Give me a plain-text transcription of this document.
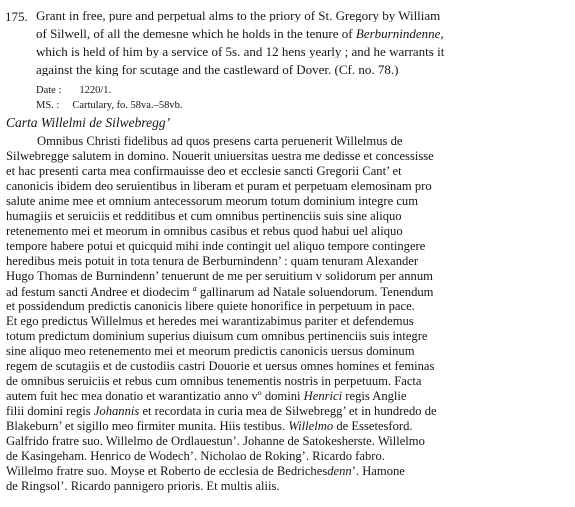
175. Grant in free, pure and perpetual alms to the priory of St. Gregory by William
of Silwell, of all the demesne which he holds in the tenure of Berburnindenne,
which is held of him by a service of 5s. and 12 hens yearly ; and he warrants it
against the king for scutage and the castleward of Dover. (Cf. no. 78.)
Date : 1220/1.
MS. : Cartulary, fo. 58va.–58vb.
Carta Willelmi de Silwebregg’
Omnibus Christi fidelibus ad quos presens carta peruenerit Willelmus de
Silwebregge salutem in domino. Nouerit uniuersitas uestra me dedisse et concessisse
et hac presenti carta mea confirmauisse deo et ecclesie sancti Gregorii Cant’ et
canonicis ibidem deo seruientibus in liberam et puram et perpetuam elemosinam pro
salute anime mee et omnium antecessorum meorum totum dominium integre cum
humagiis et seruiciis et redditibus et cum omnibus pertinenciis suis sine aliquo
retenemento mei et meorum in omnibus casibus et rebus quod habui uel aliquo
tempore habere potui et quicquid mihi inde contingit uel aliquo tempore contingere
heredibus meis potuit in tota tenura de Berburnindenn’ : quam tenuram Alexander
Hugo Thomas de Burnindenn’ tenuerunt de me per seruitium v solidorum per annum
ad festum sancti Andree et diodecim $^a$ gallinarum ad Natale soluendorum. Tenendum
et possidendum predictis canonicis libere quiete honorifice in perpetuum in pace.
Et ego predictus Willelmus et heredes mei warantizabimus pariter et defendemus
totum predictum dominium superius diuisum cum omnibus pertinenciis suis integre
sine aliquo meo retenemento mei et meorum predictis canonicis uersus dominum
regem de scutagiis et de custodiis castri Douorie et uersus omnes homines et feminas
de omnibus seruiciis et rebus cum omnibus tenementis nostris in perpetuum. Facta
autem fuit hec mea donatio et warantizatio anno vº domini Henrici regis Anglie
filii domini regis Johannis et recordata in curia mea de Silwebregg’ et in hundredo de
Blakeburn’ et sigillo meo firmiter munita. Hiis testibus. Willelmo de Essetesford.
Galfrido fratre suo. Willelmo de Ordlauestun’. Johanne de Satokesherste. Willelmo
de Kasingeham. Henrico de Wodech’. Nicholao de Roking’. Ricardo fabro.
Willelmo fratre suo. Moyse et Roberto de ecclesia de Bedrichesdenn’. Hamone
de Ringsol’. Ricardo pannigero prioris. Et multis aliis.
